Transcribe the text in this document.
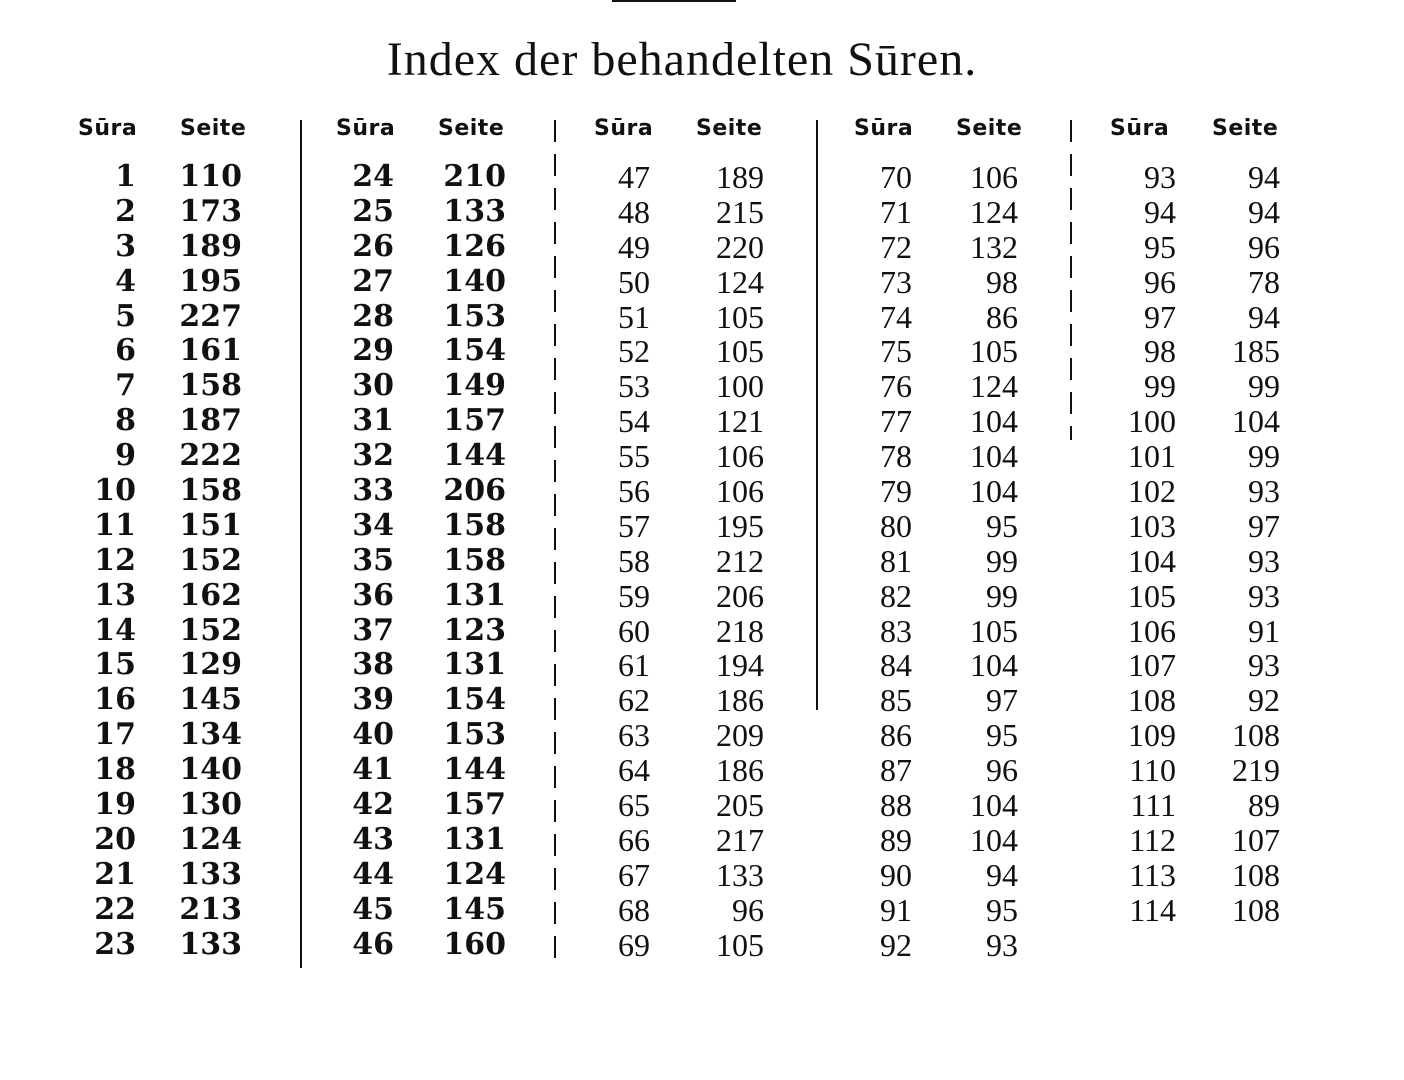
Index der behandelten Sūren.
Sūra Seite
1 110
2 173
3 189
4 195
5 227
6 161
7 158
8 187
9 222
10 158
11 151
12 152
13 162
14 152
15 129
16 145
17 134
18 140
19 130
20 124
21 133
22 213
23 133
Sūra Seite
24 210
25 133
26 126
27 140
28 153
29 154
30 149
31 157
32 144
33 206
34 158
35 158
36 131
37 123
38 131
39 154
40 153
41 144
42 157
43 131
44 124
45 145
46 160
Sūra Seite
47 189
48 215
49 220
50 124
51 105
52 105
53 100
54 121
55 106
56 106
57 195
58 212
59 206
60 218
61 194
62 186
63 209
64 186
65 205
66 217
67 133
68	96
69 105
Sūra Seite
70 106
71 124
72 132
73 98
74 86
75 105
76 124
77 104
78 104
79 104
80 95
81 99
82 99
83 105
84 104
85 97
86 95
87 96
88 104
89 104
90 94
91 95
92 93
Sūra Seite
93 94
94 94
95 96
96 78
97 94
98 185
99 99
100 104
101 99
102 93
103 97
104 93
105 93
106 91
107 93
108 92
109 108
110 219
111 89
112 107
113 108
114 108
